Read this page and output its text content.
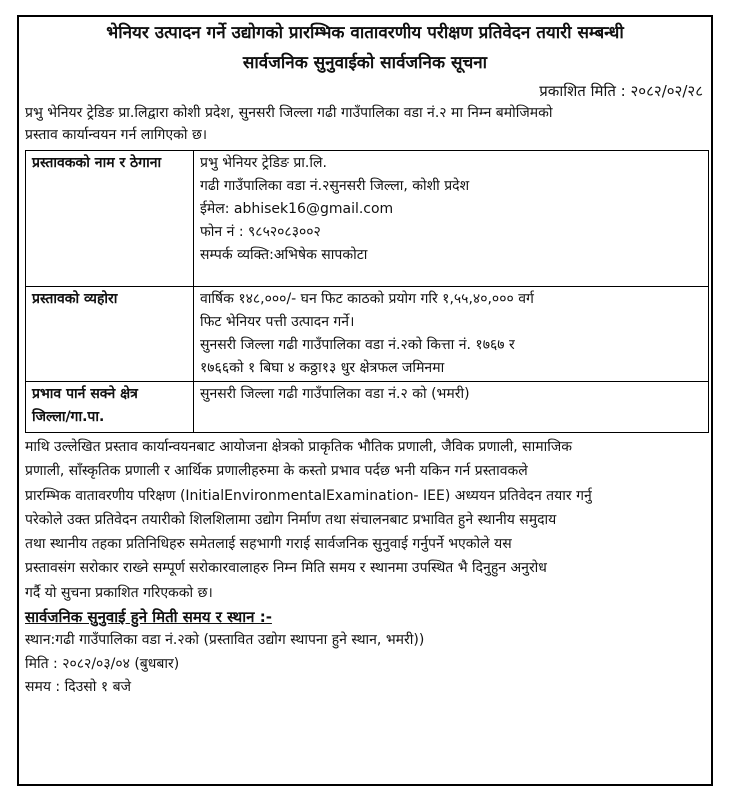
भेनियर उत्पादन गर्ने उद्योगको प्रारम्भिक वातावरणीय परीक्षण प्रतिवेदन तयारी सम्बन्धी
सार्वजनिक सुनुवाईको सार्वजनिक सूचना
प्रकाशित मिति : २०८२/०२/२८
प्रभु भेनियर ट्रेडिङ प्रा.लिद्वारा कोशी प्रदेश, सुनसरी जिल्ला गढी गाउँपालिका वडा नं.२ मा निम्न बमोजिमको
प्रस्ताव कार्यान्वयन गर्न लागिएको छ।
प्रस्तावकको नाम र ठेगाना	प्रभु भेनियर ट्रेडिङ प्रा.लि.
गढी गाउँपालिका वडा नं.२सुनसरी जिल्ला, कोशी प्रदेश
ईमेल: abhisek16@gmail.com
फोन नं : ९८५२०८३००२
सम्पर्क व्यक्ति:अभिषेक सापकोटा

प्रस्तावको व्यहोरा	वार्षिक १४८,०००/- घन फिट काठको प्रयोग गरि १,५५,४०,००० वर्ग
फिट भेनियर पत्ती उत्पादन गर्ने।
सुनसरी जिल्ला गढी गाउँपालिका वडा नं.२को कित्ता नं. १७६७ र
१७६६को १ बिघा ४ कठ्ठा१३ धुर क्षेत्रफल जमिनमा

प्रभाव पार्न सक्ने क्षेत्र
जिल्ला/गा.पा.	सुनसरी जिल्ला गढी गाउँपालिका वडा नं.२ को (भमरी)
माथि उल्लेखित प्रस्ताव कार्यान्वयनबाट आयोजना क्षेत्रको प्राकृतिक भौतिक प्रणाली, जैविक प्रणाली, सामाजिक
प्रणाली, साँस्कृतिक प्रणाली र आर्थिक प्रणालीहरुमा के कस्तो प्रभाव पर्दछ भनी यकिन गर्न प्रस्तावकले
प्रारम्भिक वातावरणीय परिक्षण (InitialEnvironmentalExamination- IEE) अध्ययन प्रतिवेदन तयार गर्नु
परेकोले उक्त प्रतिवेदन तयारीको शिलशिलामा उद्योग निर्माण तथा संचालनबाट प्रभावित हुने स्थानीय समुदाय
तथा स्थानीय तहका प्रतिनिधिहरु समेतलाई सहभागी गराई सार्वजनिक सुनुवाई गर्नुपर्ने भएकोले यस
प्रस्तावसंग सरोकार राख्ने सम्पूर्ण सरोकारवालाहरु निम्न मिति समय र स्थानमा उपस्थित भै दिनुहुन अनुरोध
गर्दै यो सुचना प्रकाशित गरिएकको छ।
सार्वजनिक सुनुवाई हुने मिती समय र स्थान :-
स्थान:गढी गाउँपालिका वडा नं.२को (प्रस्तावित उद्योग स्थापना हुने स्थान, भमरी))
मिति : २०८२/०३/०४ (बुधबार)
समय : दिउसो १ बजे
